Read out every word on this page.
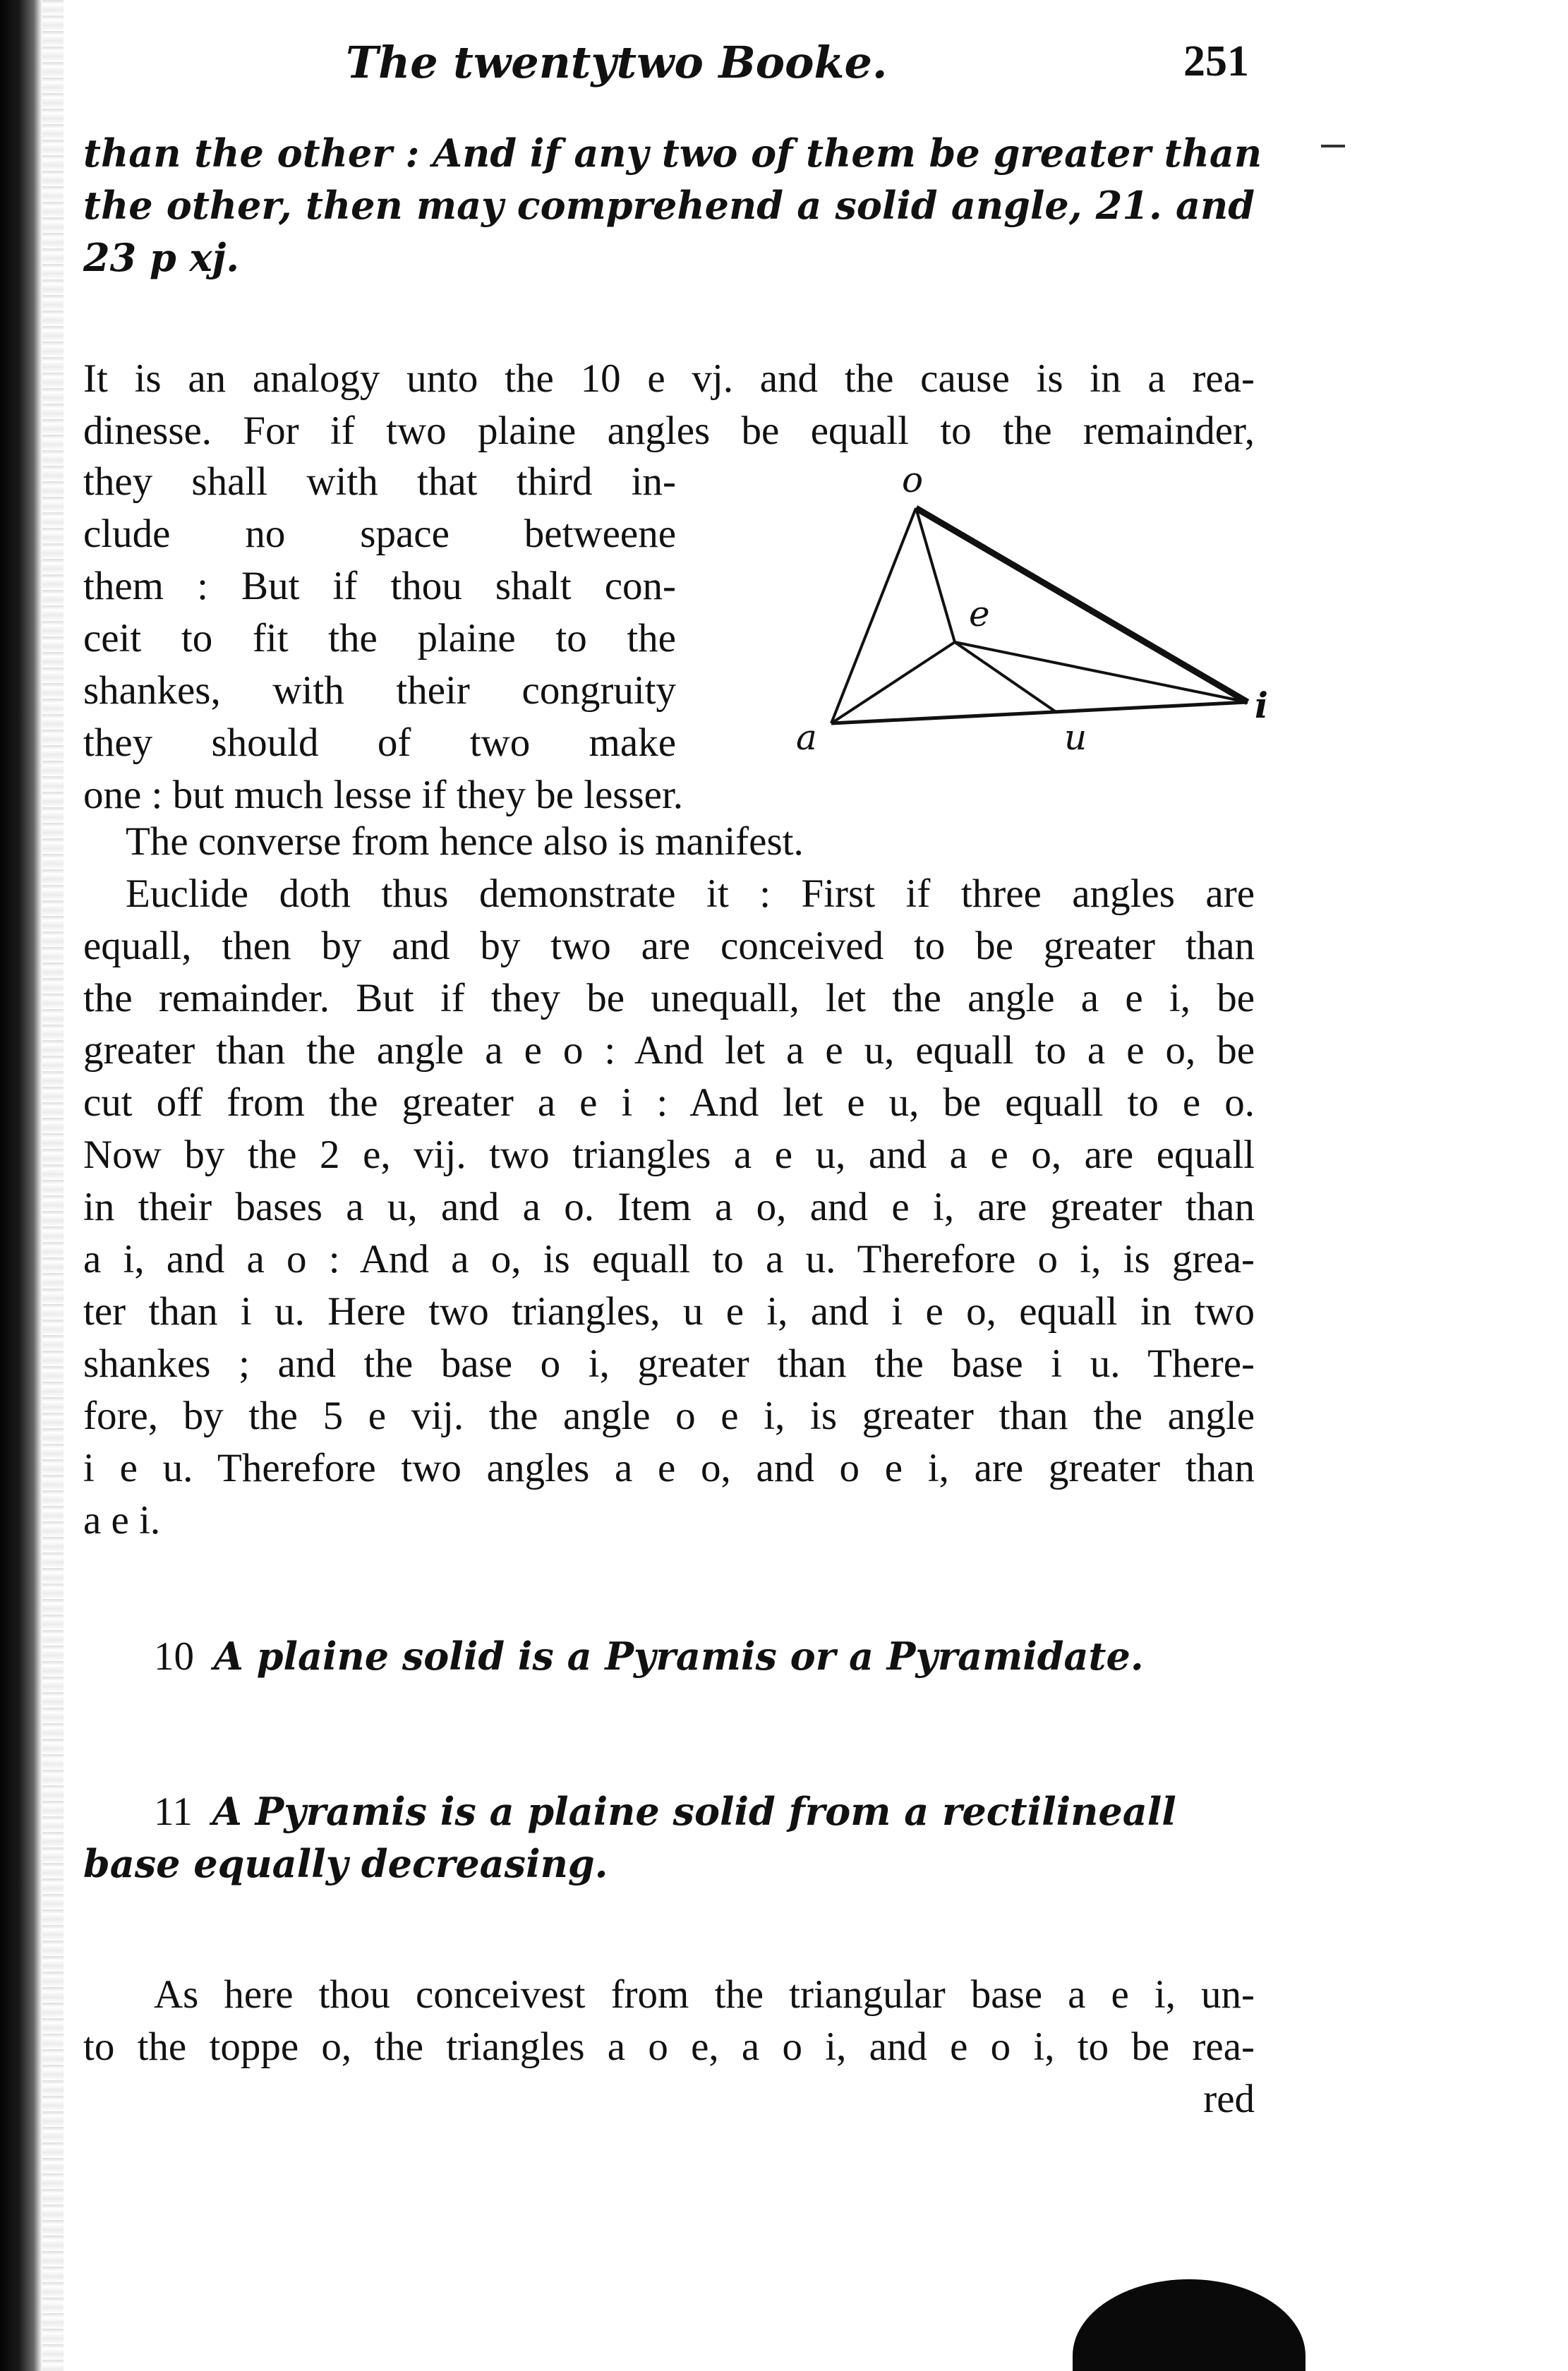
The twentytwo Booke.	251
than the other : And if any two of them be greater than
the other, then may comprehend a solid angle, 21. and
23 p xj.
It is an analogy unto the 10 e vj. and the cause is in a rea-
dinesse. For if two plaine angles be equall to the remainder,
they shall with that third in-
clude no space betweene
them : But if thou shalt con-
ceit to fit the plaine to the
shankes, with their congruity
they should of two make
one : but much lesse if they be lesser.
o
e
i
a	u
The converse from hence also is manifest.
Euclide doth thus demonstrate it : First if three angles are
equall, then by and by two are conceived to be greater than
the remainder. But if they be unequall, let the angle a e i, be
greater than the angle a e o : And let a e u, equall to a e o, be
cut off from the greater a e i : And let e u, be equall to e o.
Now by the 2 e, vij. two triangles a e u, and a e o, are equall
in their bases a u, and a o. Item a o, and e i, are greater than
a i, and a o : And a o, is equall to a u. Therefore o i, is grea-
ter than i u. Here two triangles, u e i, and i e o, equall in two
shankes ; and the base o i, greater than the base i u. There-
fore, by the 5 e vij. the angle o e i, is greater than the angle
i e u. Therefore two angles a e o, and o e i, are greater than
a e i.
10 A plaine solid is a Pyramis or a Pyramidate.
11 A Pyramis is a plaine solid from a rectilineall
base equally decreasing.
As here thou conceivest from the triangular base a e i, un-
to the toppe o, the triangles a o e, a o i, and e o i, to be rea-
red
